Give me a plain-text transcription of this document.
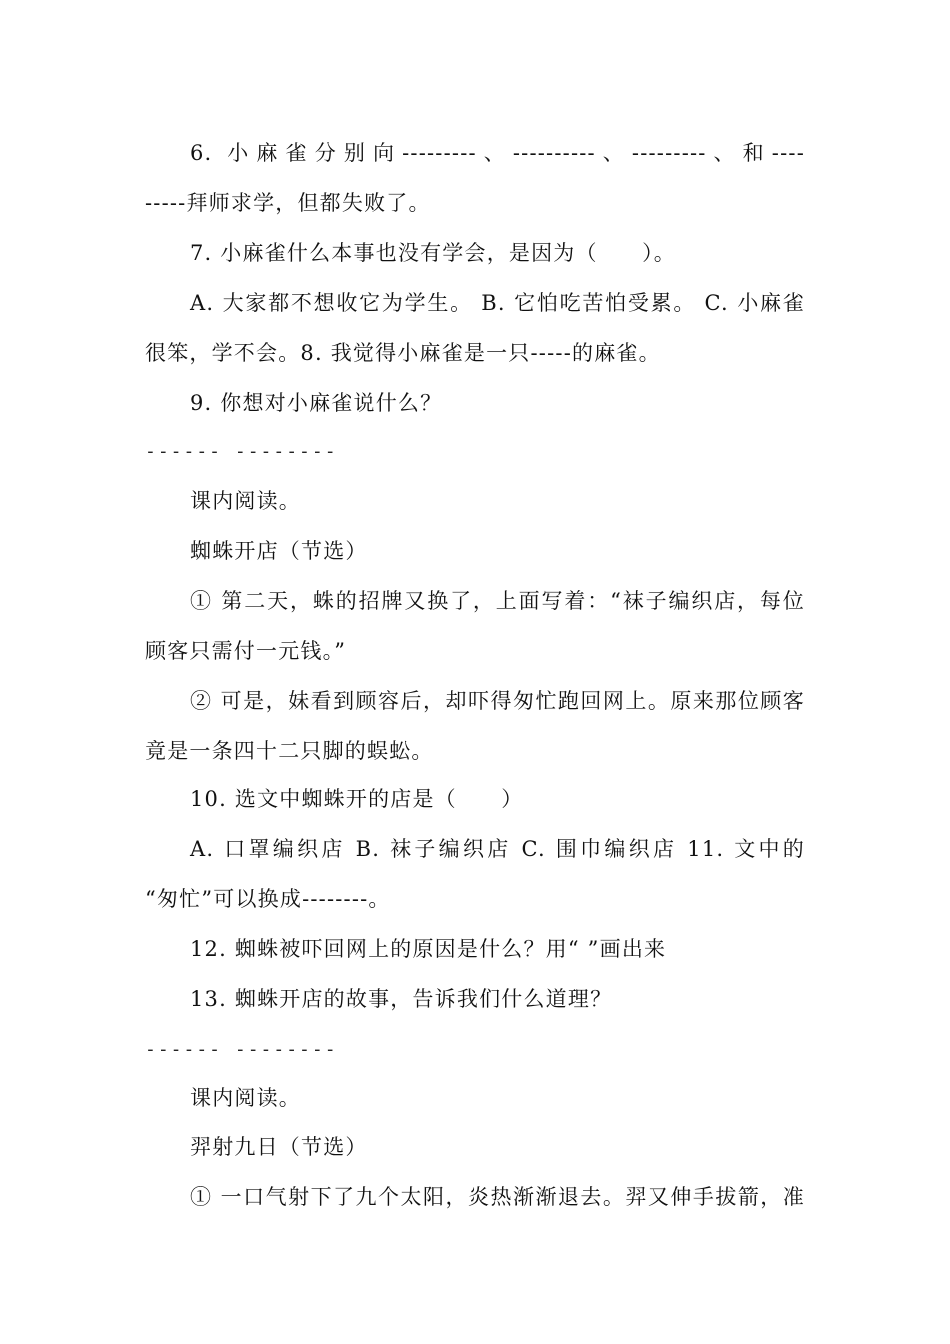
6. 小麻雀分别向---------、----------、---------、和----
-----拜师求学，但都失败了。
7. 小麻雀什么本事也没有学会，是因为（　　）。
A. 大家都不想收它为学生。 B. 它怕吃苦怕受累。 C. 小麻雀
很笨，学不会。8. 我觉得小麻雀是一只-----的麻雀。
9. 你想对小麻雀说什么？
------ --------
课内阅读。
蜘蛛开店（节选）
① 第二天，蛛的招牌又换了，上面写着：“袜子编织店，每位
顾客只需付一元钱。”
② 可是，妹看到顾容后，却吓得匆忙跑回网上。原来那位顾客
竟是一条四十二只脚的蜈蚣。
10. 选文中蜘蛛开的店是（　　）
A. 口罩编织店 B. 袜子编织店 C. 围巾编织店 11. 文中的
“匆忙”可以换成--------。
12. 蜘蛛被吓回网上的原因是什么？用“ ”画出来
13. 蜘蛛开店的故事，告诉我们什么道理？
------ --------
课内阅读。
羿射九日（节选）
① 一口气射下了九个太阳，炎热渐渐退去。羿又伸手拔箭，准
